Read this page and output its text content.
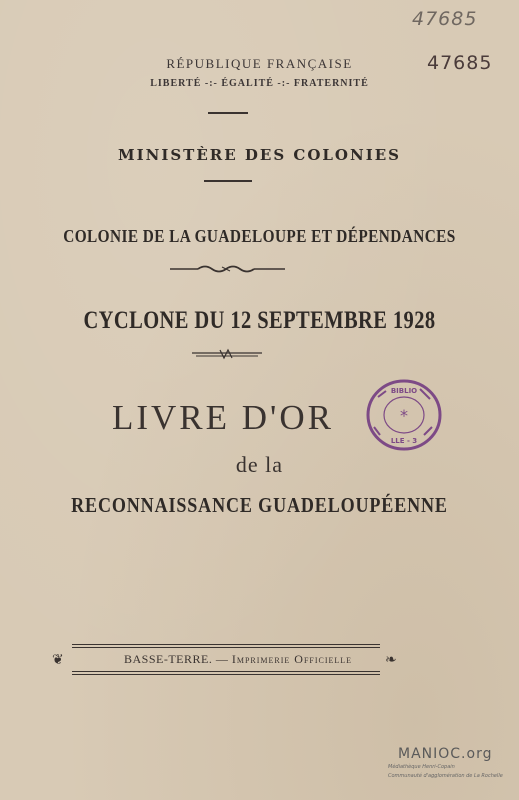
47685
47685
RÉPUBLIQUE FRANÇAISE
LIBERTÉ -:- ÉGALITÉ -:- FRATERNITÉ
MINISTÈRE DES COLONIES
COLONIE DE LA GUADELOUPE ET DÉPENDANCES
CYCLONE DU 12 SEPTEMBRE 1928
LIVRE D'OR	*
BIBLIO
LLE - 3
de la
RECONNAISSANCE GUADELOUPÉENNE
❦	BASSE-TERRE. — Imprimerie Officielle ❧
MANIOC.org
Médiathèque Henri-Copain
Communauté d'agglomération de La Rochelle
